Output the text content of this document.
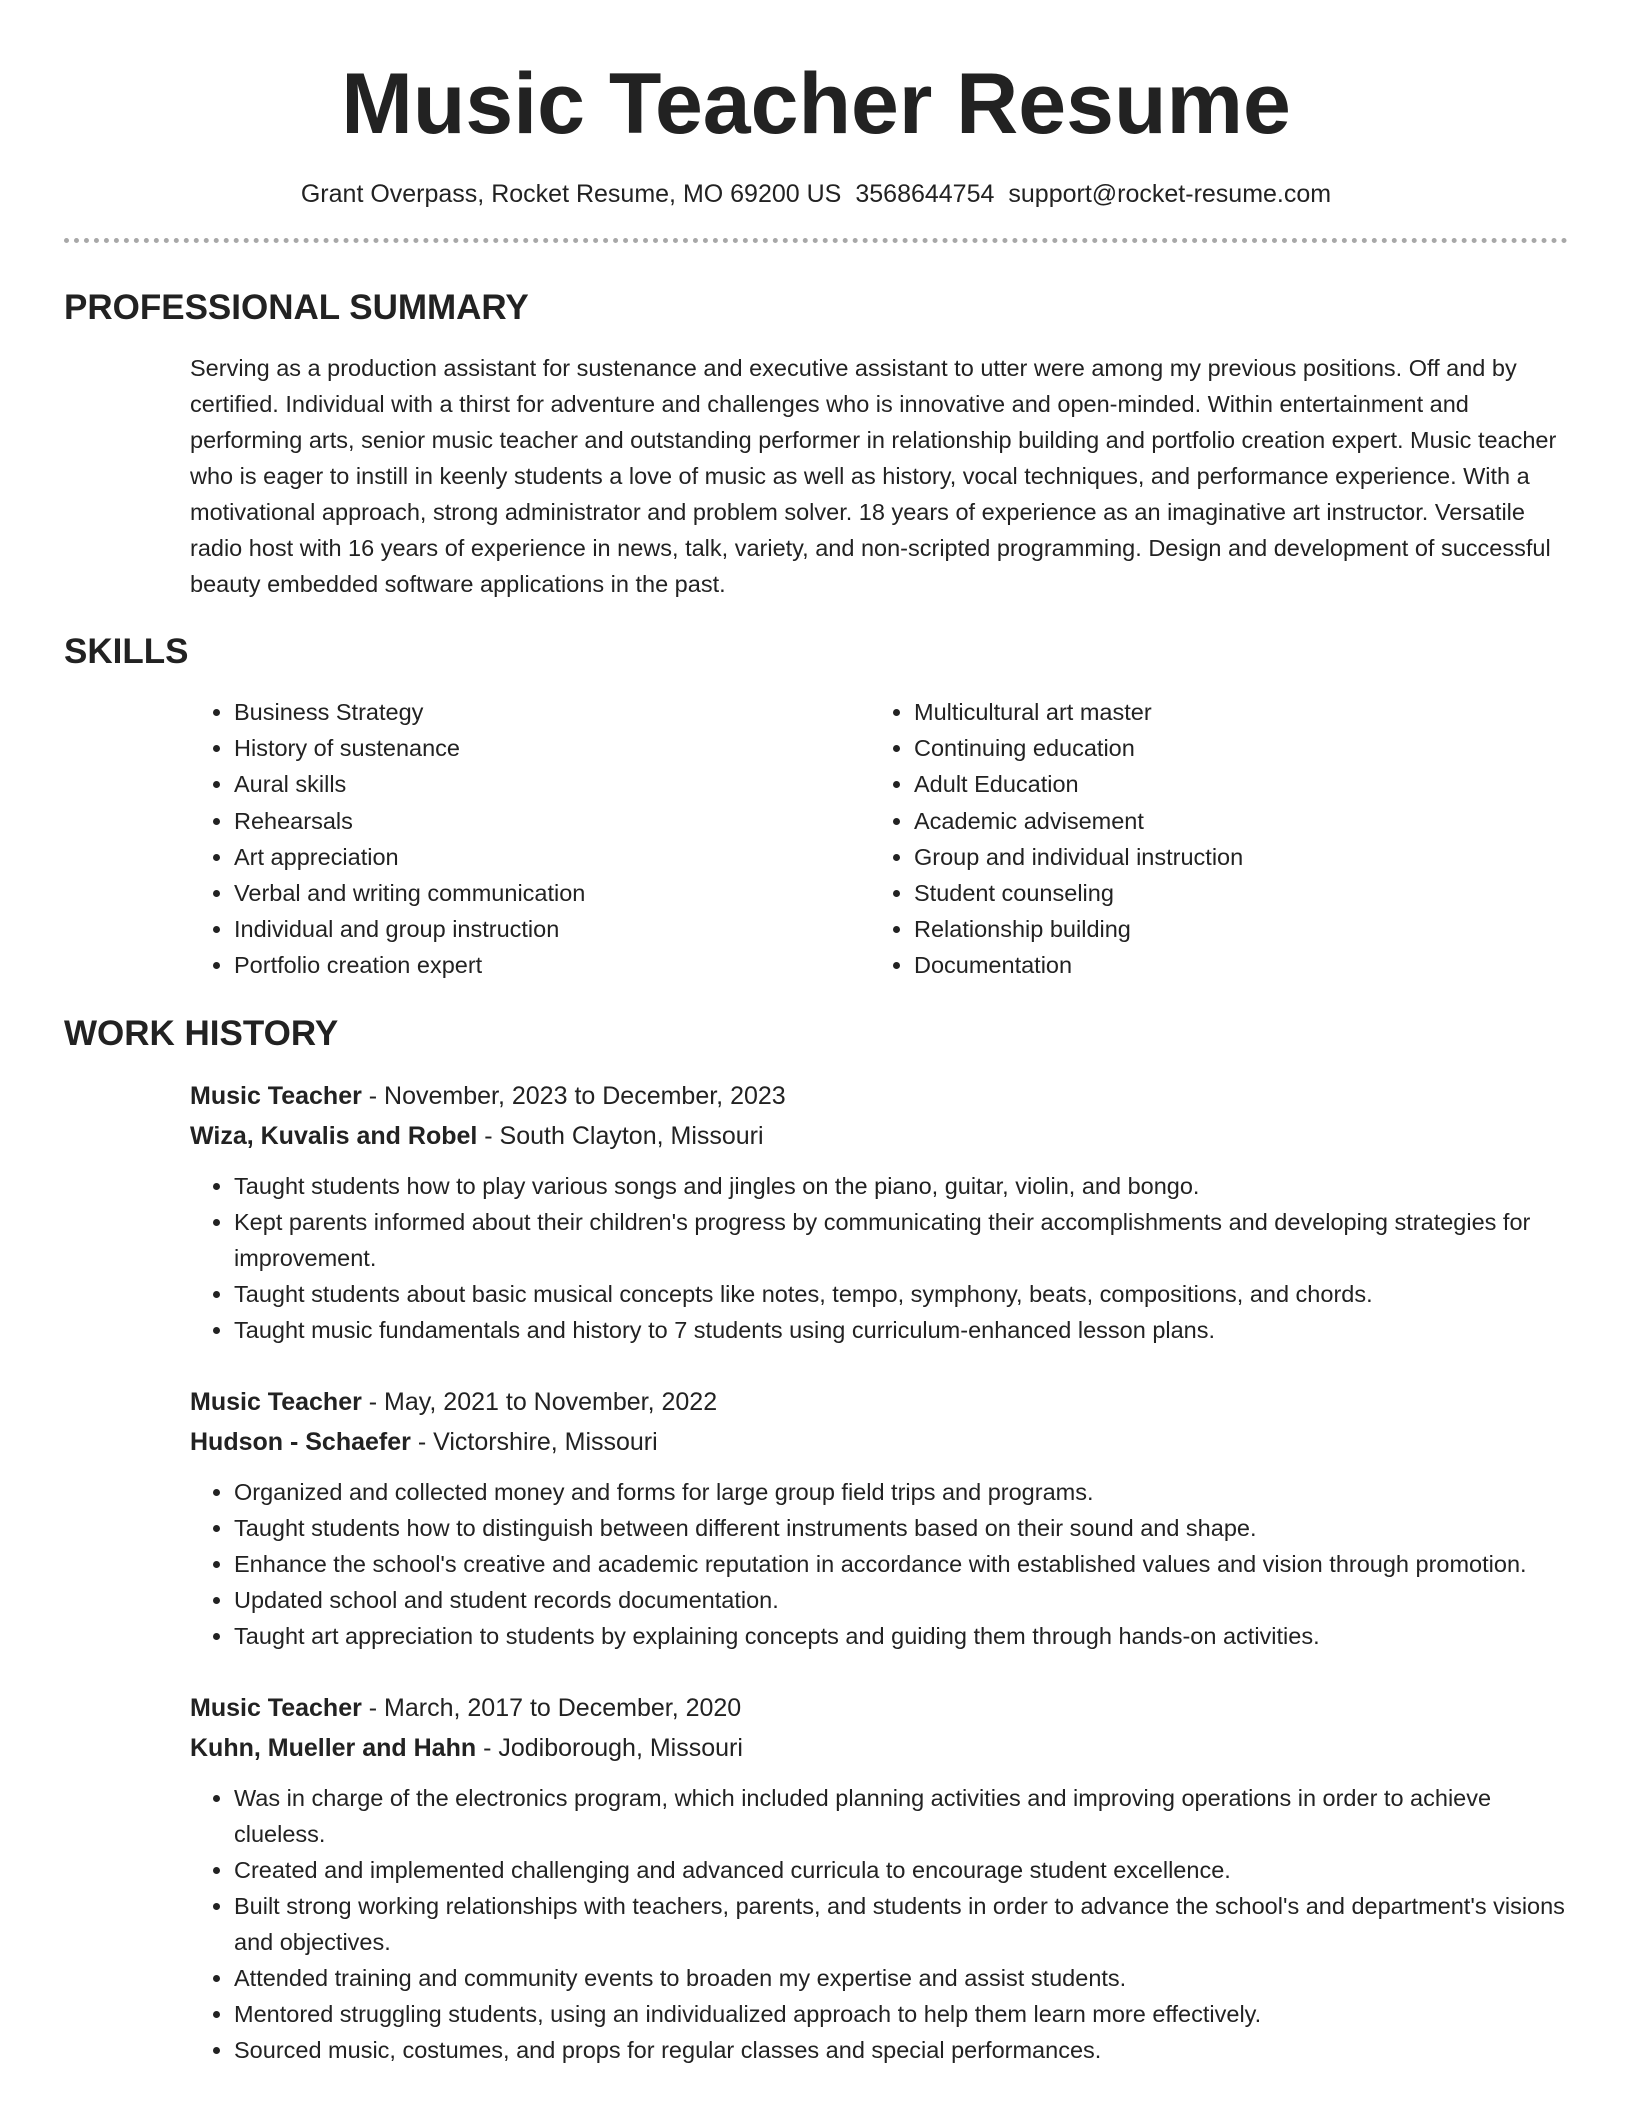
Music Teacher Resume
Grant Overpass, Rocket Resume, MO 69200 US 3568644754 support@rocket-resume.com
PROFESSIONAL SUMMARY
Serving as a production assistant for sustenance and executive assistant to utter were among my previous positions. Off and by certified. Individual with a thirst for adventure and challenges who is innovative and open-minded. Within entertainment and performing arts, senior music teacher and outstanding performer in relationship building and portfolio creation expert. Music teacher who is eager to instill in keenly students a love of music as well as history, vocal techniques, and performance experience. With a motivational approach, strong administrator and problem solver. 18 years of experience as an imaginative art instructor. Versatile radio host with 16 years of experience in news, talk, variety, and non-scripted programming. Design and development of successful beauty embedded software applications in the past.
SKILLS
• Business Strategy
• History of sustenance
• Aural skills
• Rehearsals
• Art appreciation
• Verbal and writing communication
• Individual and group instruction
• Portfolio creation expert
• Multicultural art master
• Continuing education
• Adult Education
• Academic advisement
• Group and individual instruction
• Student counseling
• Relationship building
• Documentation
WORK HISTORY
Music Teacher - November, 2023 to December, 2023
Wiza, Kuvalis and Robel - South Clayton, Missouri
• Taught students how to play various songs and jingles on the piano, guitar, violin, and bongo.
• Kept parents informed about their children's progress by communicating their accomplishments and developing strategies for improvement.
• Taught students about basic musical concepts like notes, tempo, symphony, beats, compositions, and chords.
• Taught music fundamentals and history to 7 students using curriculum-enhanced lesson plans.
Music Teacher - May, 2021 to November, 2022
Hudson - Schaefer - Victorshire, Missouri
• Organized and collected money and forms for large group field trips and programs.
• Taught students how to distinguish between different instruments based on their sound and shape.
• Enhance the school's creative and academic reputation in accordance with established values and vision through promotion.
• Updated school and student records documentation.
• Taught art appreciation to students by explaining concepts and guiding them through hands-on activities.
Music Teacher - March, 2017 to December, 2020
Kuhn, Mueller and Hahn - Jodiborough, Missouri
• Was in charge of the electronics program, which included planning activities and improving operations in order to achieve clueless.
• Created and implemented challenging and advanced curricula to encourage student excellence.
• Built strong working relationships with teachers, parents, and students in order to advance the school's and department's visions and objectives.
• Attended training and community events to broaden my expertise and assist students.
• Mentored struggling students, using an individualized approach to help them learn more effectively.
• Sourced music, costumes, and props for regular classes and special performances.
